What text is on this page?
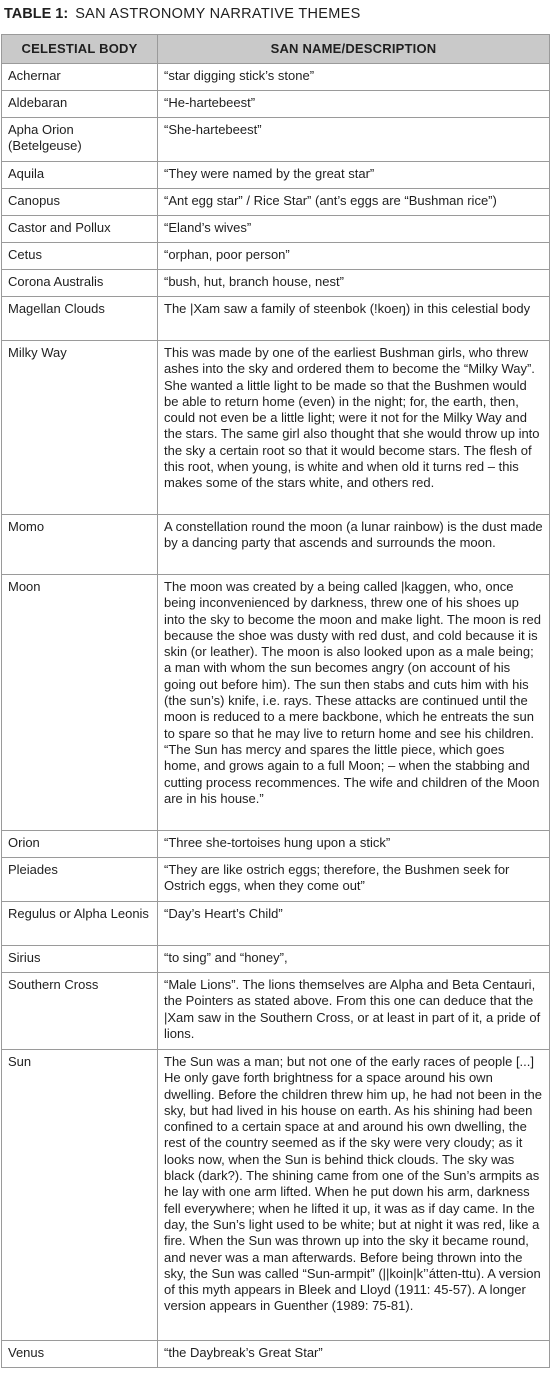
TABLE 1: SAN ASTRONOMY NARRATIVE THEMES
CELESTIAL BODY	SAN NAME/DESCRIPTION
Achernar	“star digging stick’s stone”
Aldebaran	“He-hartebeest”
Apha Orion (Betelgeuse)	“She-hartebeest”
Aquila	“They were named by the great star”
Canopus	“Ant egg star” / Rice Star” (ant’s eggs are “Bushman rice”)
Castor and Pollux	“Eland’s wives”
Cetus	“orphan, poor person”
Corona Australis	“bush, hut, branch house, nest”
Magellan Clouds	The |Xam saw a family of steenbok (!koeŋ) in this celestial body
Milky Way	This was made by one of the earliest Bushman girls, who threw ashes into the sky and ordered them to become the “Milky Way”. She wanted a little light to be made so that the Bushmen would be able to return home (even) in the night; for, the earth, then, could not even be a little light; were it not for the Milky Way and the stars. The same girl also thought that she would throw up into the sky a certain root so that it would become stars. The flesh of this root, when young, is white and when old it turns red – this makes some of the stars white, and others red.
Momo	A constellation round the moon (a lunar rainbow) is the dust made by a dancing party that ascends and surrounds the moon.
Moon	The moon was created by a being called |kaggen, who, once being inconvenienced by darkness, threw one of his shoes up into the sky to become the moon and make light. The moon is red because the shoe was dusty with red dust, and cold because it is skin (or leather). The moon is also looked upon as a male being; a man with whom the sun becomes angry (on account of his going out before him). The sun then stabs and cuts him with his (the sun’s) knife, i.e. rays. These attacks are continued until the moon is reduced to a mere backbone, which he entreats the sun to spare so that he may live to return home and see his children. “The Sun has mercy and spares the little piece, which goes home, and grows again to a full Moon; – when the stabbing and cutting process recommences. The wife and children of the Moon are in his house.”
Orion	“Three she-tortoises hung upon a stick”
Pleiades	“They are like ostrich eggs; therefore, the Bushmen seek for Ostrich eggs, when they come out”
Regulus or Alpha Leonis	“Day’s Heart’s Child”
Sirius	“to sing” and “honey”,
Southern Cross	“Male Lions”. The lions themselves are Alpha and Beta Centauri, the Pointers as stated above. From this one can deduce that the |Xam saw in the Southern Cross, or at least in part of it, a pride of lions.
Sun	The Sun was a man; but not one of the early races of people [...] He only gave forth brightness for a space around his own dwelling. Before the children threw him up, he had not been in the sky, but had lived in his house on earth. As his shining had been confined to a certain space at and around his own dwelling, the rest of the country seemed as if the sky were very cloudy; as it looks now, when the Sun is behind thick clouds. The sky was black (dark?). The shining came from one of the Sun’s armpits as he lay with one arm lifted. When he put down his arm, darkness fell everywhere; when he lifted it up, it was as if day came. In the day, the Sun’s light used to be white; but at night it was red, like a fire. When the Sun was thrown up into the sky it became round, and never was a man afterwards. Before being thrown into the sky, the Sun was called “Sun-armpit” (||koin|k’’átten-ttu). A version of this myth appears in Bleek and Lloyd (1911: 45-57). A longer version appears in Guenther (1989: 75-81).
Venus	“the Daybreak’s Great Star”
